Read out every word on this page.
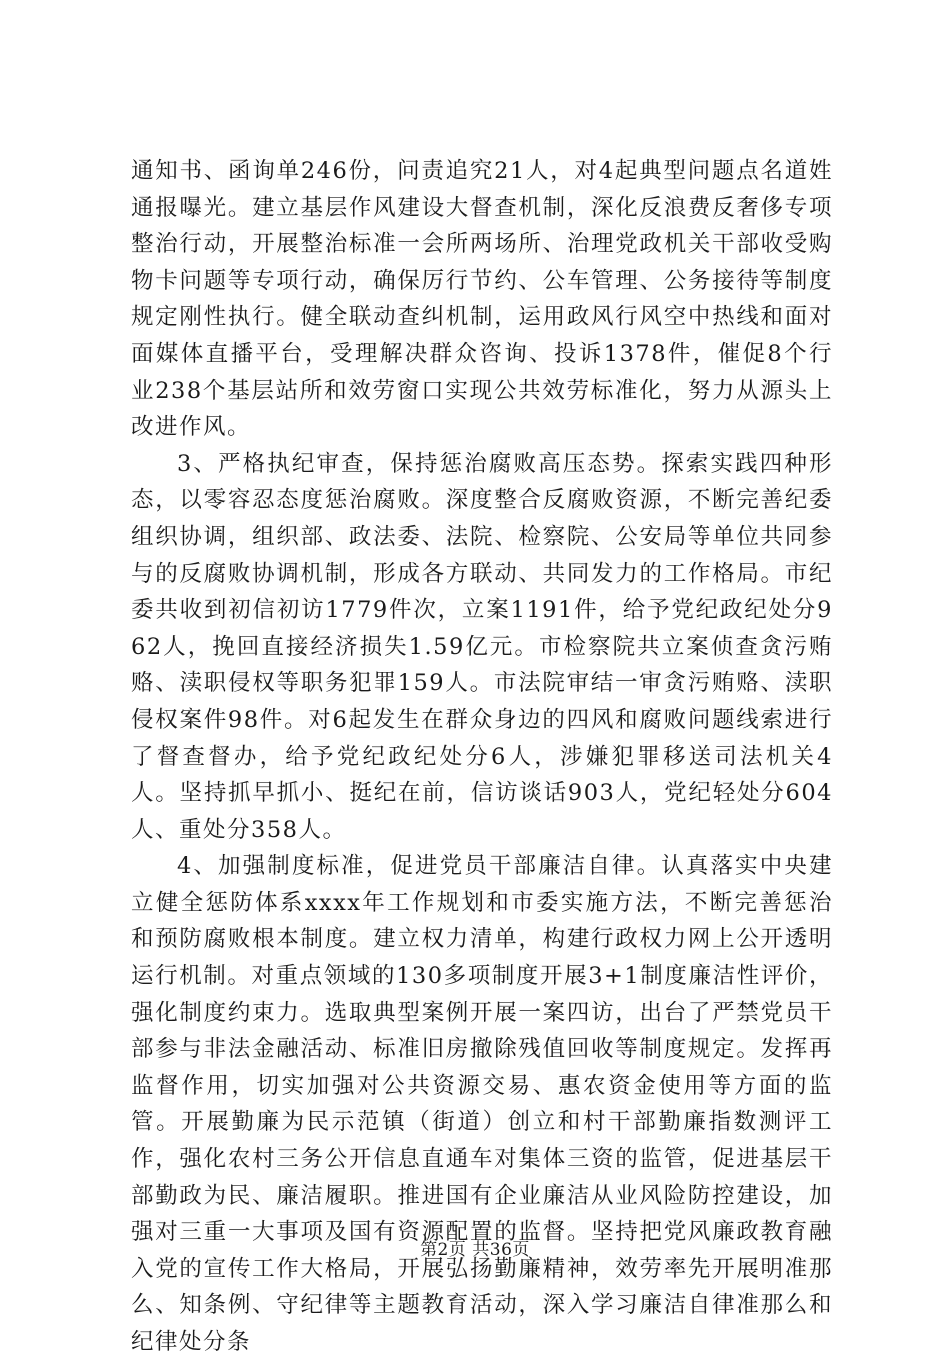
通知书、函询单246份，问责追究21人，对4起典型问题点名道姓通报曝光。建立基层作风建设大督查机制，深化反浪费反奢侈专项整治行动，开展整治标准一会所两场所、治理党政机关干部收受购物卡问题等专项行动，确保厉行节约、公车管理、公务接待等制度规定刚性执行。健全联动查纠机制，运用政风行风空中热线和面对面媒体直播平台，受理解决群众咨询、投诉1378件，催促8个行业238个基层站所和效劳窗口实现公共效劳标准化，努力从源头上改进作风。

3、严格执纪审查，保持惩治腐败高压态势。探索实践四种形态，以零容忍态度惩治腐败。深度整合反腐败资源，不断完善纪委组织协调，组织部、政法委、法院、检察院、公安局等单位共同参与的反腐败协调机制，形成各方联动、共同发力的工作格局。市纪委共收到初信初访1779件次，立案1191件，给予党纪政纪处分962人，挽回直接经济损失1.59亿元。市检察院共立案侦查贪污贿赂、渎职侵权等职务犯罪159人。市法院审结一审贪污贿赂、渎职侵权案件98件。对6起发生在群众身边的四风和腐败问题线索进行了督查督办，给予党纪政纪处分6人，涉嫌犯罪移送司法机关4人。坚持抓早抓小、挺纪在前，信访谈话903人，党纪轻处分604人、重处分358人。

4、加强制度标准，促进党员干部廉洁自律。认真落实中央建立健全惩防体系xxxx年工作规划和市委实施方法，不断完善惩治和预防腐败根本制度。建立权力清单，构建行政权力网上公开透明运行机制。对重点领域的130多项制度开展3+1制度廉洁性评价，强化制度约束力。选取典型案例开展一案四访，出台了严禁党员干部参与非法金融活动、标准旧房撤除残值回收等制度规定。发挥再监督作用，切实加强对公共资源交易、惠农资金使用等方面的监管。开展勤廉为民示范镇（街道）创立和村干部勤廉指数测评工作，强化农村三务公开信息直通车对集体三资的监管，促进基层干部勤政为民、廉洁履职。推进国有企业廉洁从业风险防控建设，加强对三重一大事项及国有资源配置的监督。坚持把党风廉政教育融入党的宣传工作大格局，开展弘扬勤廉精神，效劳率先开展明准那么、知条例、守纪律等主题教育活动，深入学习廉洁自律准那么和纪律处分条

第2页 共36页
